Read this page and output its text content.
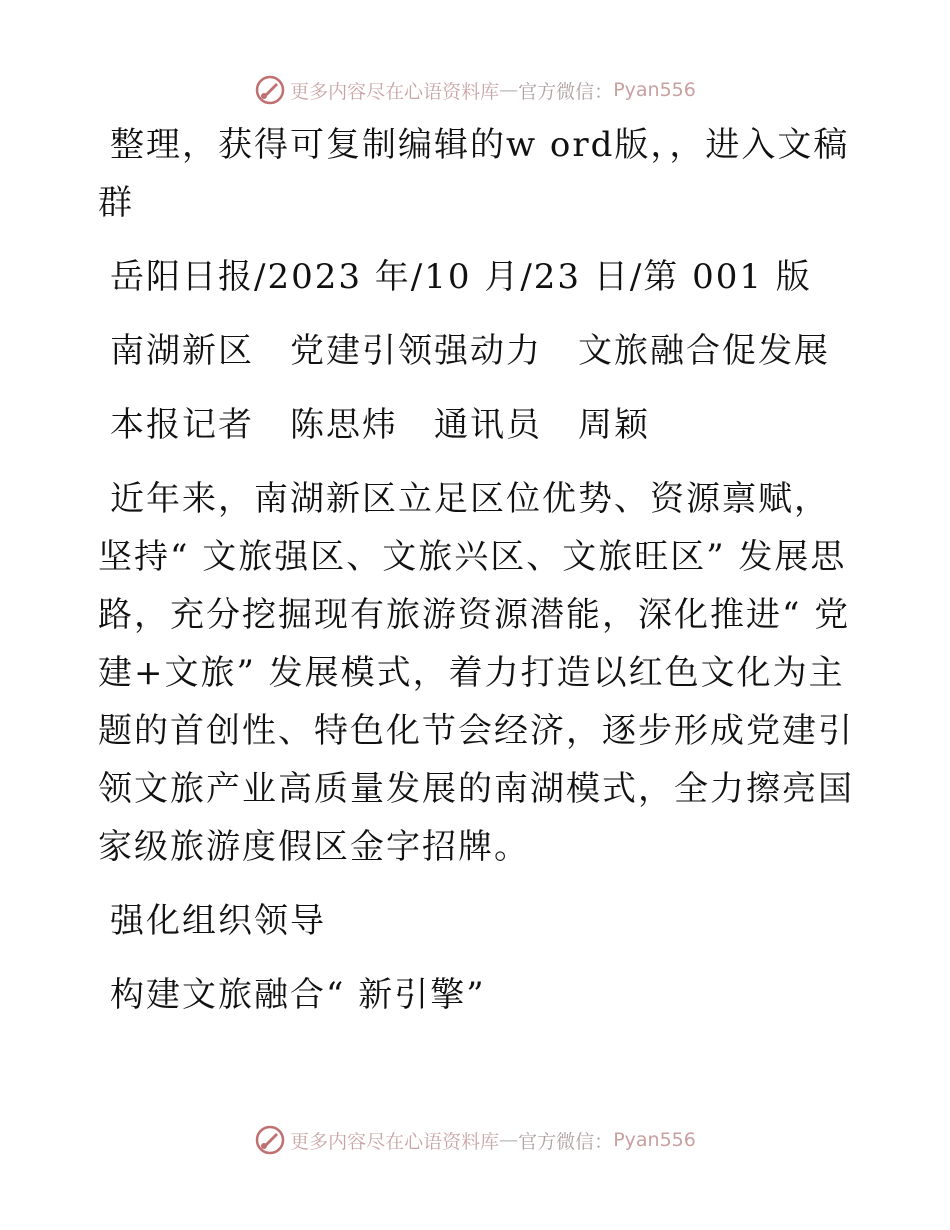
更多内容尽在心语资料库 — 官方微信： Pyan556

整理，获得可复制编辑的w ord版，，进入文稿群

岳阳日报/2023 年/10 月/23 日/第 001 版

南湖新区　党建引领强动力　文旅融合促发展

本报记者　陈思炜　通讯员　周颖

近年来，南湖新区立足区位优势、资源禀赋，坚持“ 文旅强区、文旅兴区、文旅旺区” 发展思路，充分挖掘现有旅游资源潜能，深化推进“ 党建+文旅” 发展模式，着力打造以红色文化为主题的首创性、特色化节会经济，逐步形成党建引领文旅产业高质量发展的南湖模式，全力擦亮国家级旅游度假区金字招牌。

强化组织领导

构建文旅融合“ 新引擎”

更多内容尽在心语资料库 — 官方微信： Pyan556
